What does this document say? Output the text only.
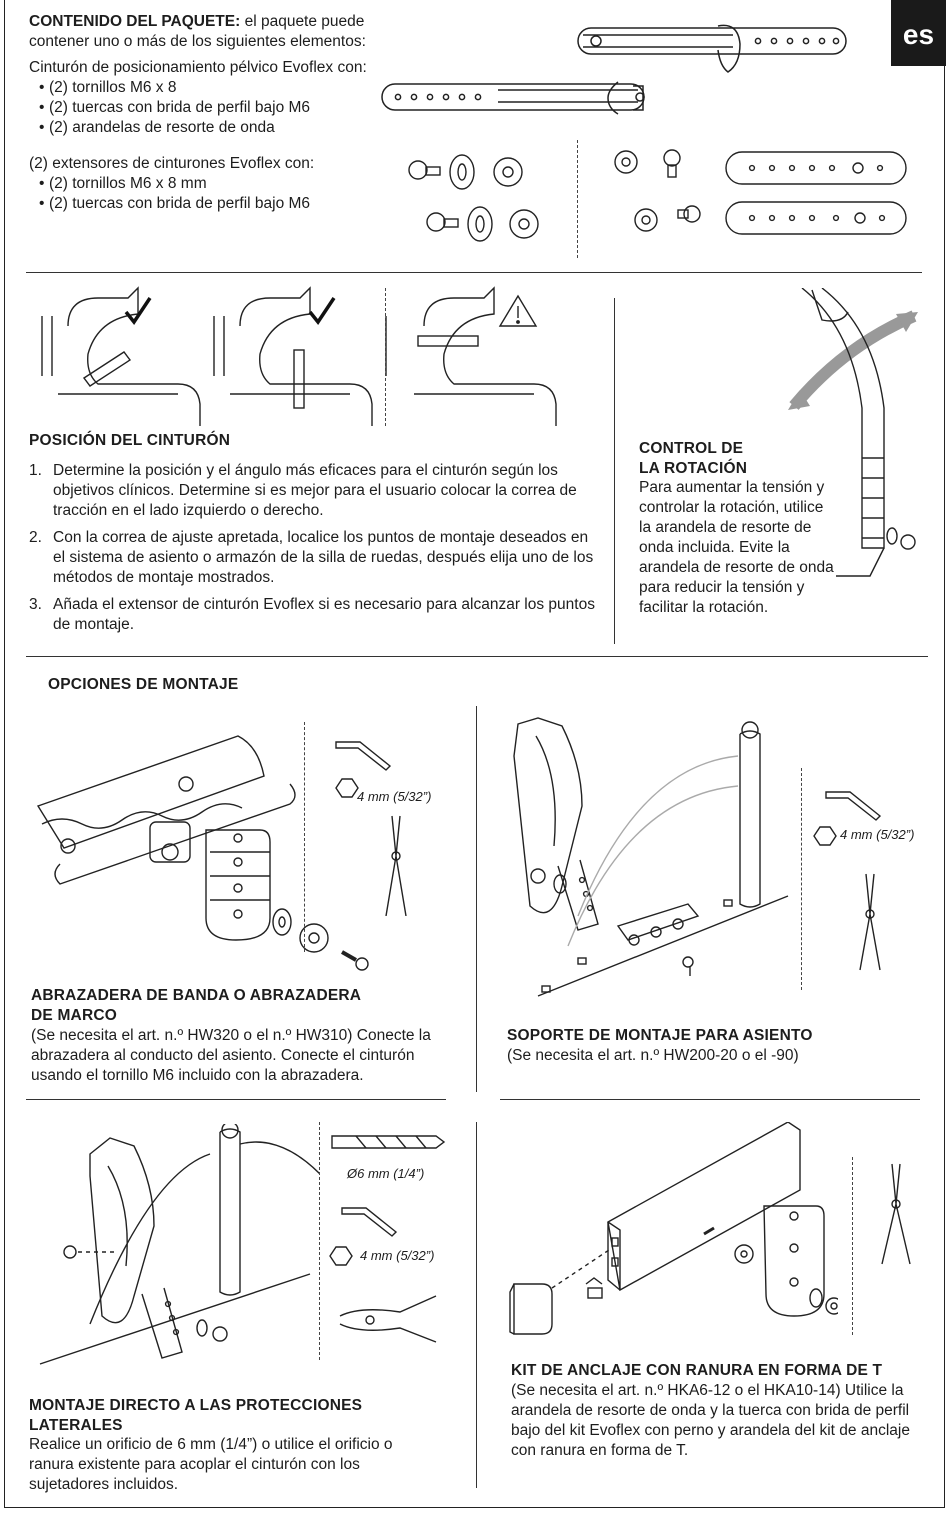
es
CONTENIDO DEL PAQUETE: el paquete puede contener uno o más de los siguientes elementos:
Cinturón de posicionamiento pélvico Evoflex con:
• (2) tornillos M6 x 8
• (2) tuercas con brida de perfil bajo M6
• (2) arandelas de resorte de onda
(2) extensores de cinturones Evoflex con:
• (2) tornillos M6 x 8 mm
• (2) tuercas con brida de perfil bajo M6
POSICIÓN DEL CINTURÓN
1. Determine la posición y el ángulo más eficaces para el cinturón según los objetivos clínicos. Determine si es mejor para el usuario colocar la correa de tracción en el lado izquierdo o derecho.
2. Con la correa de ajuste apretada, localice los puntos de montaje deseados en el sistema de asiento o armazón de la silla de ruedas, después elija uno de los métodos de montaje mostrados.
3. Añada el extensor de cinturón Evoflex si es necesario para alcanzar los puntos de montaje.
CONTROL DE
LA ROTACIÓN
Para aumentar la tensión y controlar la rotación, utilice la arandela de resorte de onda incluida. Evite la arandela de resorte de onda para reducir la tensión y facilitar la rotación.
OPCIONES DE MONTAJE
4 mm (5/32”)
ABRAZADERA DE BANDA O ABRAZADERA
DE MARCO
(Se necesita el art. n.º HW320 o el n.º HW310) Conecte la abrazadera al conducto del asiento. Conecte el cinturón usando el tornillo M6 incluido con la abrazadera.
4 mm (5/32”)
SOPORTE DE MONTAJE PARA ASIENTO
(Se necesita el art. n.º HW200-20 o el -90)
Ø6 mm (1/4”)
4 mm (5/32”)
MONTAJE DIRECTO A LAS PROTECCIONES
LATERALES
Realice un orificio de 6 mm (1/4”) o utilice el orificio o ranura existente para acoplar el cinturón con los sujetadores incluidos.
KIT DE ANCLAJE CON RANURA EN FORMA DE T
(Se necesita el art. n.º HKA6-12 o el HKA10-14) Utilice la arandela de resorte de onda y la tuerca con brida de perfil bajo del kit Evoflex con perno y arandela del kit de anclaje con ranura en forma de T.
